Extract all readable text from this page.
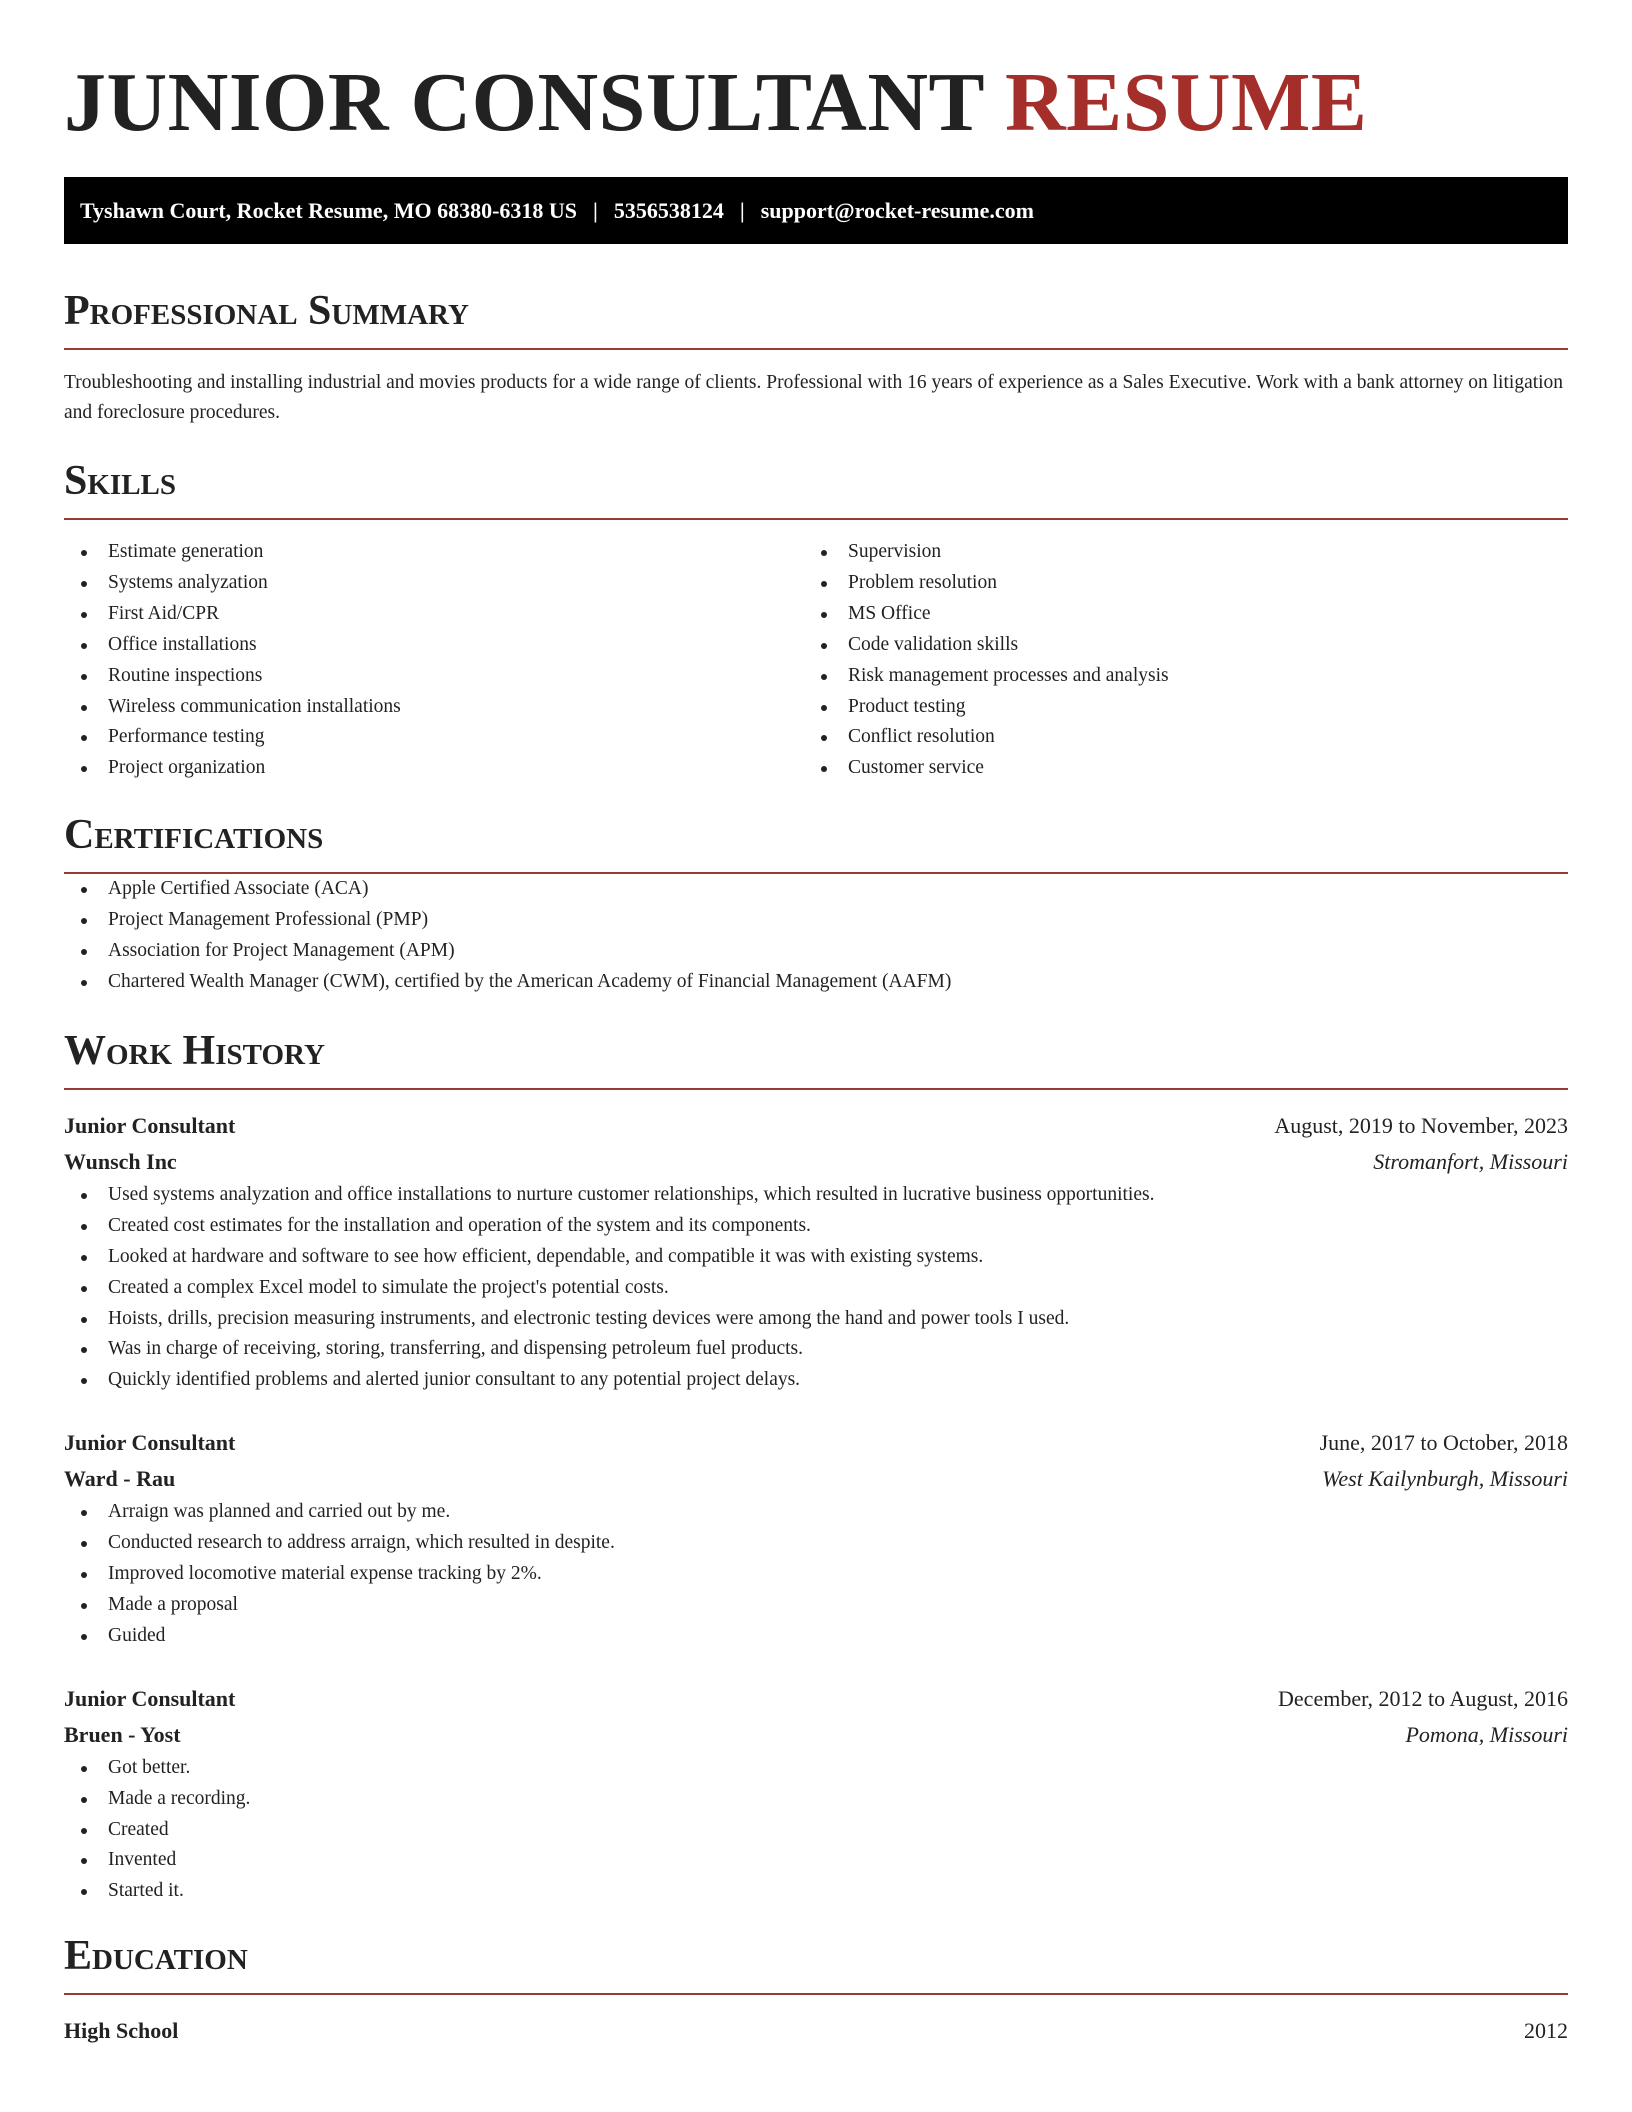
JUNIOR CONSULTANT RESUME
Tyshawn Court, Rocket Resume, MO 68380-6318 US | 5356538124 | support@rocket-resume.com
Professional Summary

Troubleshooting and installing industrial and movies products for a wide range of clients. Professional with 16 years of experience as a Sales Executive. Work with a bank attorney on litigation and foreclosure procedures.

Skills
Estimate generation
Systems analyzation
First Aid/CPR
Office installations
Routine inspections
Wireless communication installations
Performance testing
Project organization
Supervision
Problem resolution
MS Office
Code validation skills
Risk management processes and analysis
Product testing
Conflict resolution
Customer service
Certifications
Apple Certified Associate (ACA)
Project Management Professional (PMP)
Association for Project Management (APM)
Chartered Wealth Manager (CWM), certified by the American Academy of Financial Management (AAFM)
Work History
Junior Consultant	August, 2019 to November, 2023
Wunsch Inc	Stromanfort, Missouri
Used systems analyzation and office installations to nurture customer relationships, which resulted in lucrative business opportunities.
Created cost estimates for the installation and operation of the system and its components.
Looked at hardware and software to see how efficient, dependable, and compatible it was with existing systems.
Created a complex Excel model to simulate the project's potential costs.
Hoists, drills, precision measuring instruments, and electronic testing devices were among the hand and power tools I used.
Was in charge of receiving, storing, transferring, and dispensing petroleum fuel products.
Quickly identified problems and alerted junior consultant to any potential project delays.
Junior Consultant	June, 2017 to October, 2018
Ward - Rau	West Kailynburgh, Missouri
Arraign was planned and carried out by me.
Conducted research to address arraign, which resulted in despite.
Improved locomotive material expense tracking by 2%.
Made a proposal
Guided
Junior Consultant	December, 2012 to August, 2016
Bruen - Yost	Pomona, Missouri
Got better.
Made a recording.
Created
Invented
Started it.
Education
High School	2012
